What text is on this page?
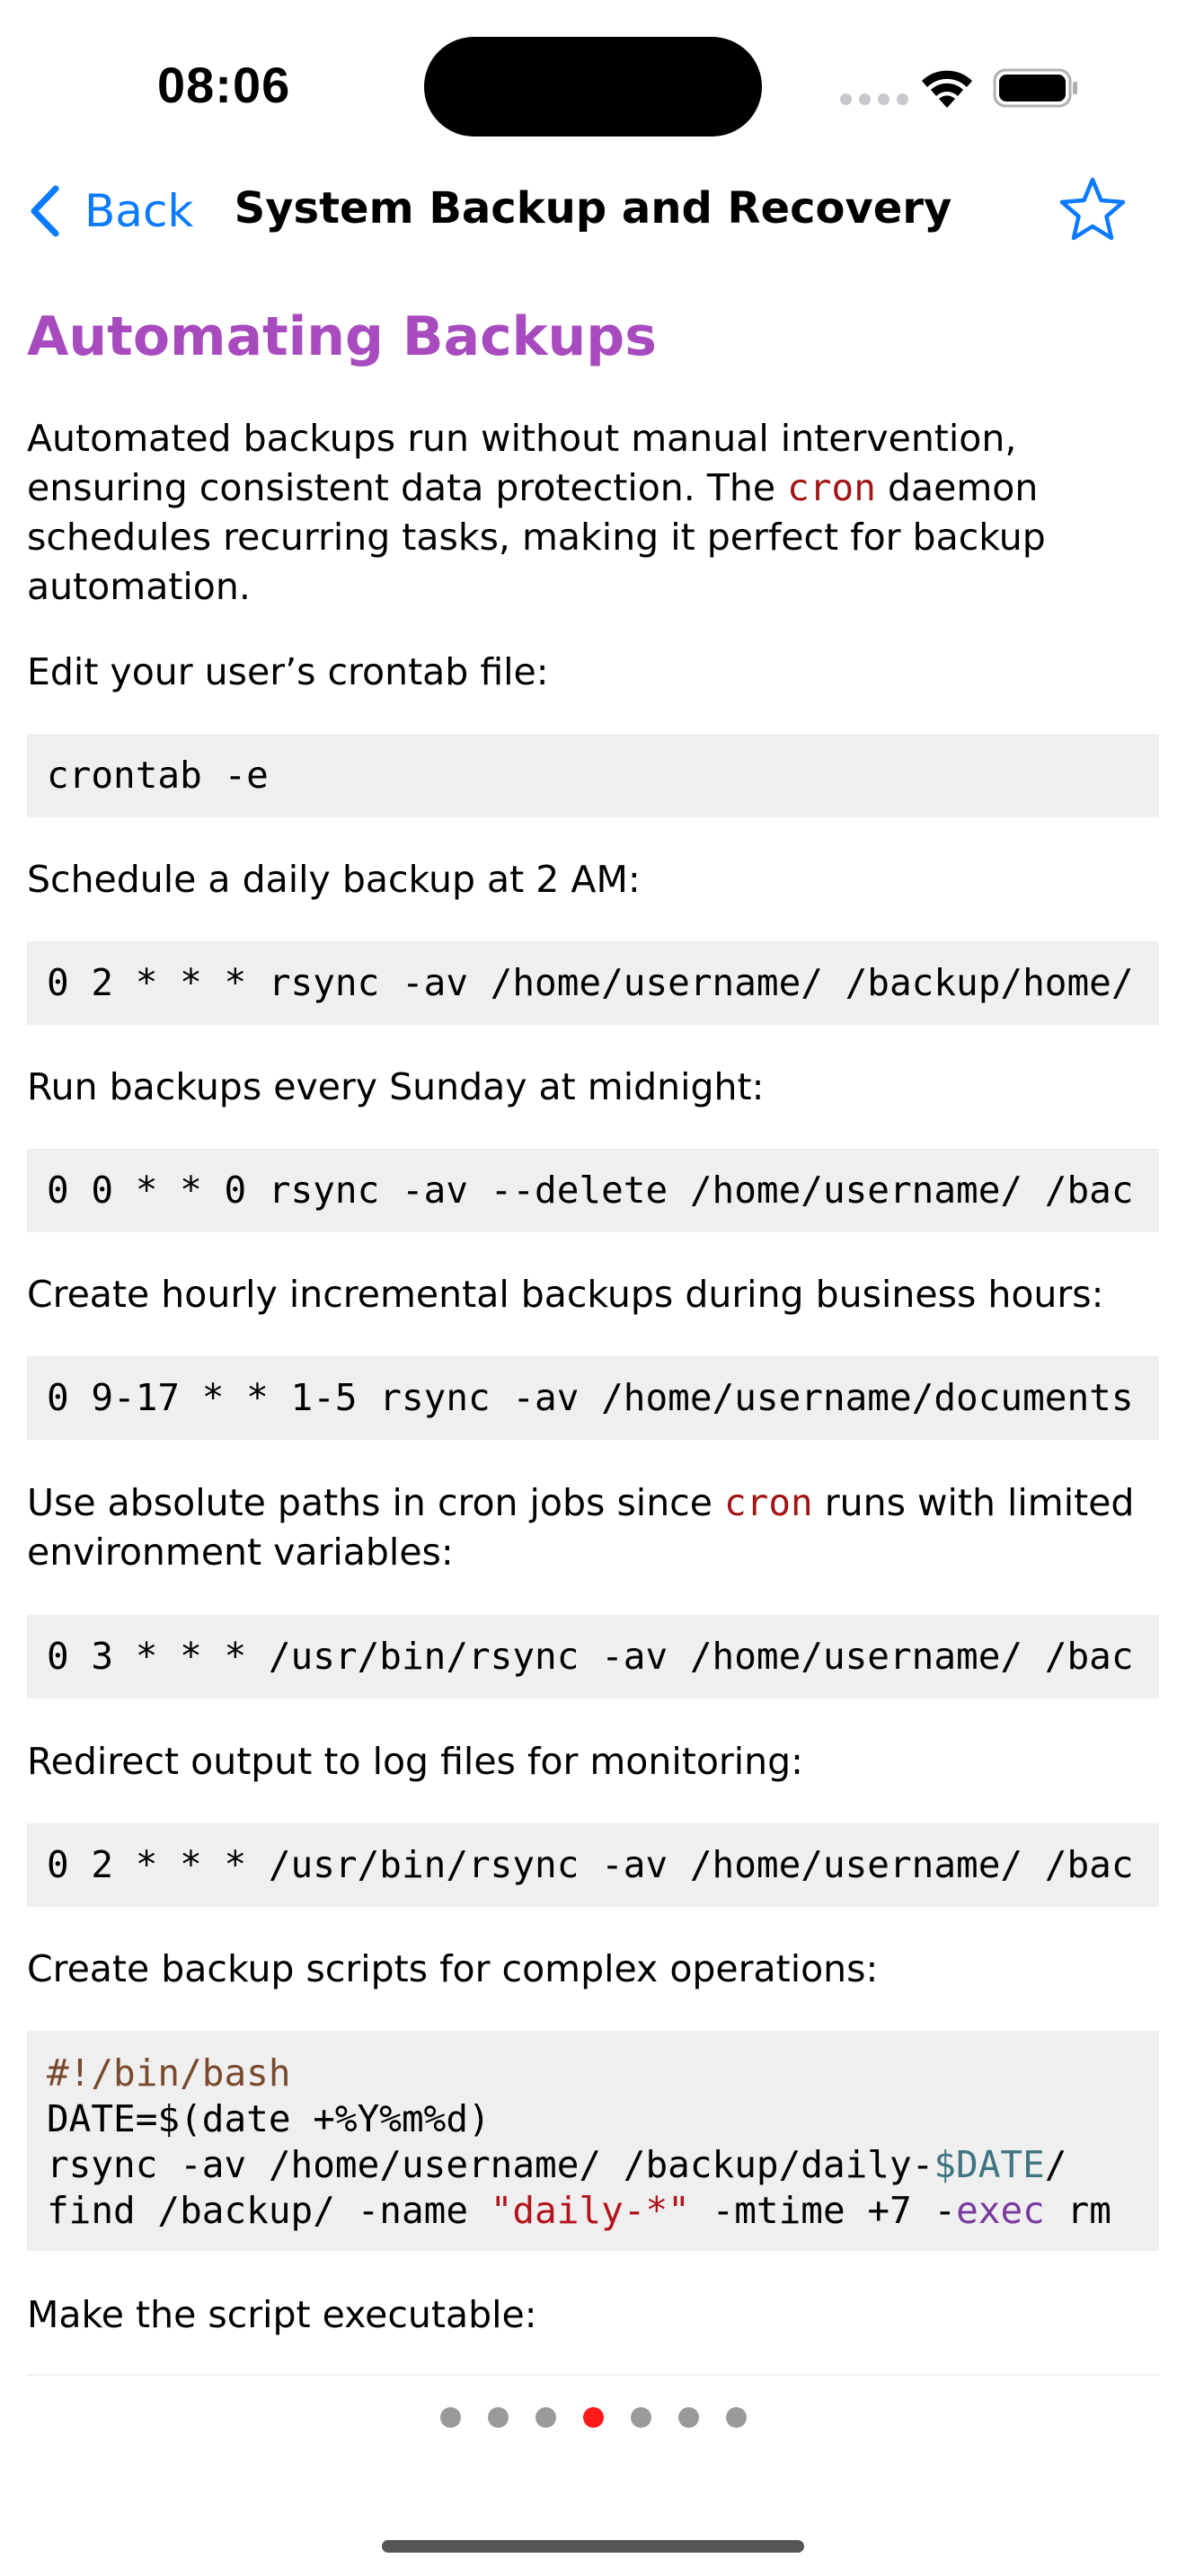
08:06
Back System Backup and Recovery
Automating Backups

Automated backups run without manual intervention, ensuring consistent data protection. The cron daemon schedules recurring tasks, making it perfect for backup automation.

Edit your user’s crontab file:

crontab -e

Schedule a daily backup at 2 AM:

0 2 * * * rsync -av /home/username/ /backup/home/

Run backups every Sunday at midnight:

0 0 * * 0 rsync -av --delete /home/username/ /bac

Create hourly incremental backups during business hours:

0 9-17 * * 1-5 rsync -av /home/username/documents

Use absolute paths in cron jobs since cron runs with limited environment variables:

0 3 * * * /usr/bin/rsync -av /home/username/ /bac

Redirect output to log files for monitoring:

0 2 * * * /usr/bin/rsync -av /home/username/ /bac

Create backup scripts for complex operations:

#!/bin/bash
DATE=$(date +%Y%m%d)
rsync -av /home/username/ /backup/daily-$DATE/
find /backup/ -name "daily-*" -mtime +7 -exec rm

Make the script executable:
